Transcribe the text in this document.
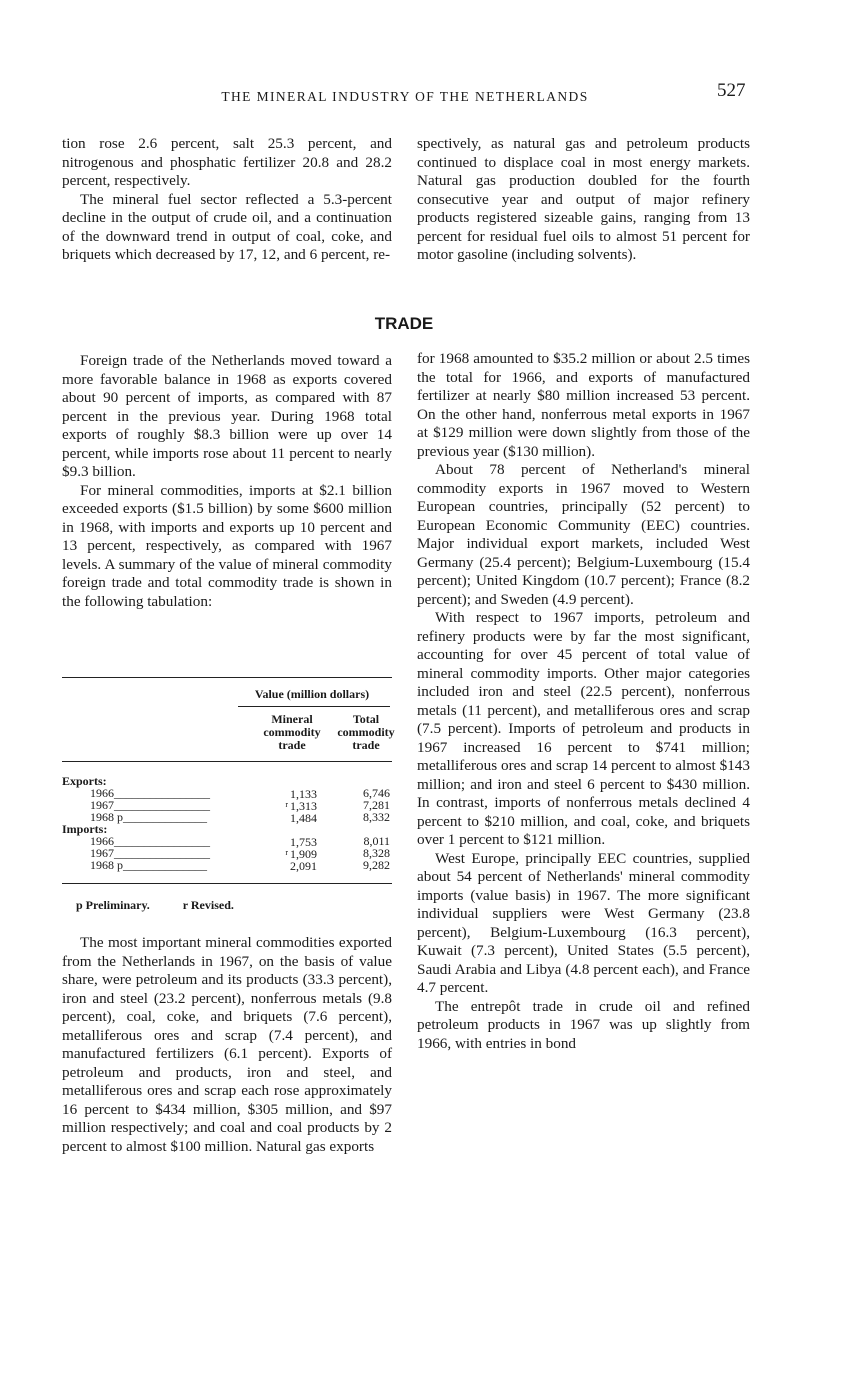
THE MINERAL INDUSTRY OF THE NETHERLANDS	527

tion rose 2.6 percent, salt 25.3 percent, and nitrogenous and phosphatic fertilizer 20.8 and 28.2 percent, respectively.

The mineral fuel sector reflected a 5.3-percent decline in the output of crude oil, and a continuation of the downward trend in output of coal, coke, and briquets which decreased by 17, 12, and 6 percent, re-

spectively, as natural gas and petroleum products continued to displace coal in most energy markets. Natural gas production doubled for the fourth consecutive year and output of major refinery products registered sizeable gains, ranging from 13 percent for residual fuel oils to almost 51 percent for motor gasoline (including solvents).

TRADE

Foreign trade of the Netherlands moved toward a more favorable balance in 1968 as exports covered about 90 percent of imports, as compared with 87 percent in the previous year. During 1968 total exports of roughly $8.3 billion were up over 14 percent, while imports rose about 11 percent to nearly $9.3 billion.

For mineral commodities, imports at $2.1 billion exceeded exports ($1.5 billion) by some $600 million in 1968, with imports and exports up 10 percent and 13 percent, respectively, as compared with 1967 levels. A summary of the value of mineral commodity foreign trade and total commodity trade is shown in the following tabulation:

Value (million dollars)
Mineral
commodity
trade
Total
commodity
trade
Exports:
1966________________	1,133	6,746
1967________________	$^r$ 1,313	7,281
1968 p______________	1,484	8,332
Imports:
1966________________	1,753	8,011
1967________________	$^r$ 1,909	8,328
1968 p______________	2,091	9,282
p Preliminary.	r Revised.

The most important mineral commodities exported from the Netherlands in 1967, on the basis of value share, were petroleum and its products (33.3 percent), iron and steel (23.2 percent), nonferrous metals (9.8 percent), coal, coke, and briquets (7.6 percent), metalliferous ores and scrap (7.4 percent), and manufactured fertilizers (6.1 percent). Exports of petroleum and products, iron and steel, and metalliferous ores and scrap each rose approximately 16 percent to $434 million, $305 million, and $97 million respectively; and coal and coal products by 2 percent to almost $100 million. Natural gas exports

for 1968 amounted to $35.2 million or about 2.5 times the total for 1966, and exports of manufactured fertilizer at nearly $80 million increased 53 percent. On the other hand, nonferrous metal exports in 1967 at $129 million were down slightly from those of the previous year ($130 million).

About 78 percent of Netherland's mineral commodity exports in 1967 moved to Western European countries, principally (52 percent) to European Economic Community (EEC) countries. Major individual export markets, included West Germany (25.4 percent); Belgium-Luxembourg (15.4 percent); United Kingdom (10.7 percent); France (8.2 percent); and Sweden (4.9 percent).

With respect to 1967 imports, petroleum and refinery products were by far the most significant, accounting for over 45 percent of total value of mineral commodity imports. Other major categories included iron and steel (22.5 percent), nonferrous metals (11 percent), and metalliferous ores and scrap (7.5 percent). Imports of petroleum and products in 1967 increased 16 percent to $741 million; metalliferous ores and scrap 14 percent to almost $143 million; and iron and steel 6 percent to $430 million. In contrast, imports of nonferrous metals declined 4 percent to $210 million, and coal, coke, and briquets over 1 percent to $121 million.

West Europe, principally EEC countries, supplied about 54 percent of Netherlands' mineral commodity imports (value basis) in 1967. The more significant individual suppliers were West Germany (23.8 percent), Belgium-Luxembourg (16.3 percent), Kuwait (7.3 percent), United States (5.5 percent), Saudi Arabia and Libya (4.8 percent each), and France 4.7 percent.

The entrepôt trade in crude oil and refined petroleum products in 1967 was up slightly from 1966, with entries in bond
